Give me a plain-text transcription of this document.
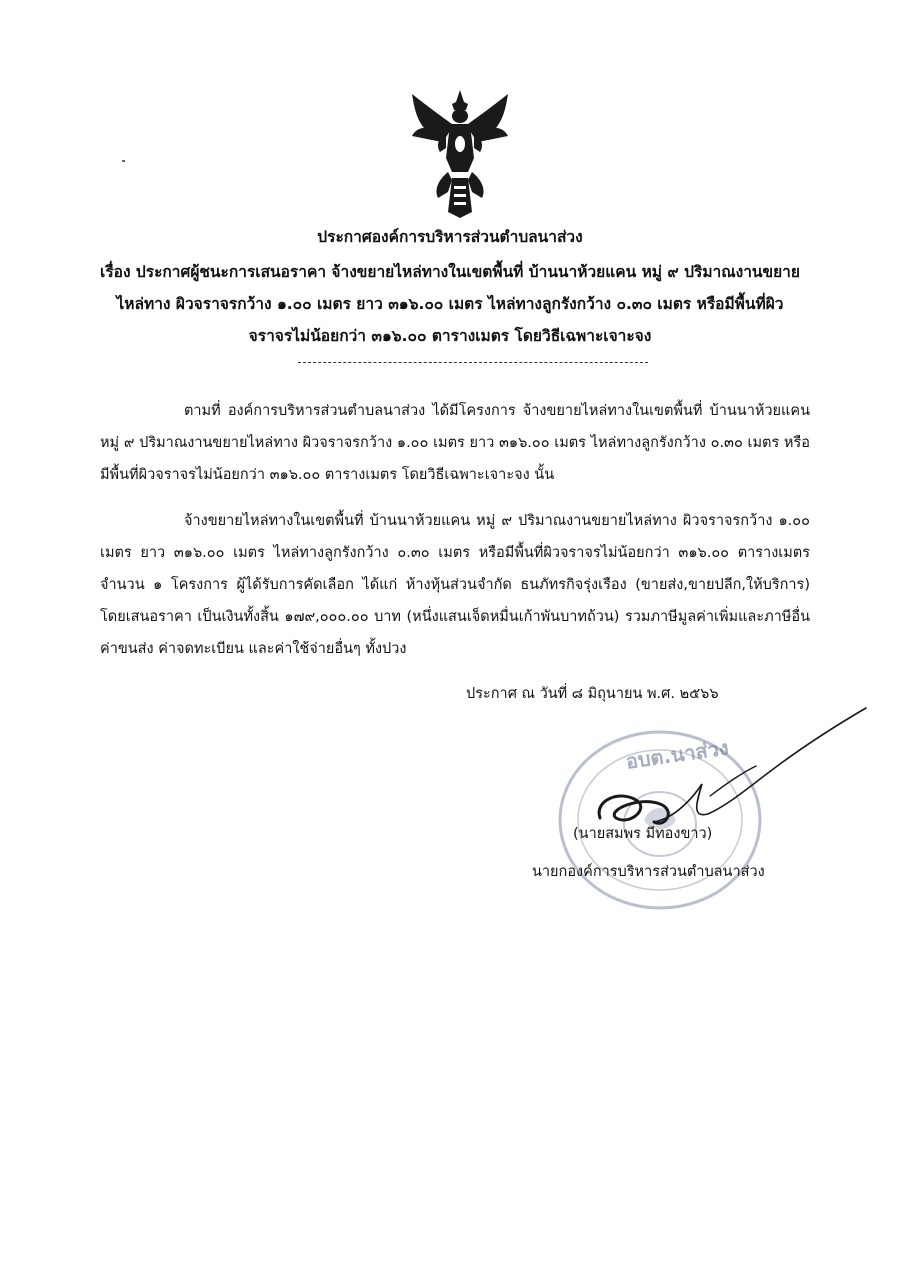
ประกาศองค์การบริหารส่วนตำบลนาส่วง
เรื่อง ประกาศผู้ชนะการเสนอราคา จ้างขยายไหล่ทางในเขตพื้นที่ บ้านนาห้วยแคน หมู่ ๙ ปริมาณงานขยายไหล่ทาง ผิวจราจรกว้าง ๑.๐๐ เมตร ยาว ๓๑๖.๐๐ เมตร ไหล่ทางลูกรังกว้าง ๐.๓๐ เมตร หรือมีพื้นที่ผิวจราจรไม่น้อยกว่า ๓๑๖.๐๐ ตารางเมตร โดยวิธีเฉพาะเจาะจง

ตามที่ องค์การบริหารส่วนตำบลนาส่วง ได้มีโครงการ จ้างขยายไหล่ทางในเขตพื้นที่ บ้านนาห้วยแคน หมู่ ๙ ปริมาณงานขยายไหล่ทาง ผิวจราจรกว้าง ๑.๐๐ เมตร ยาว ๓๑๖.๐๐ เมตร ไหล่ทางลูกรังกว้าง ๐.๓๐ เมตร หรือมีพื้นที่ผิวจราจรไม่น้อยกว่า ๓๑๖.๐๐ ตารางเมตร โดยวิธีเฉพาะเจาะจง นั้น

จ้างขยายไหล่ทางในเขตพื้นที่ บ้านนาห้วยแคน หมู่ ๙ ปริมาณงานขยายไหล่ทาง ผิวจราจรกว้าง ๑.๐๐ เมตร ยาว ๓๑๖.๐๐ เมตร ไหล่ทางลูกรังกว้าง ๐.๓๐ เมตร หรือมีพื้นที่ผิวจราจรไม่น้อยกว่า ๓๑๖.๐๐ ตารางเมตร จำนวน ๑ โครงการ ผู้ได้รับการคัดเลือก ได้แก่ ห้างหุ้นส่วนจำกัด ธนภัทรกิจรุ่งเรือง (ขายส่ง,ขายปลีก,ให้บริการ) โดยเสนอราคา เป็นเงินทั้งสิ้น ๑๗๙,๐๐๐.๐๐ บาท (หนึ่งแสนเจ็ดหมื่นเก้าพันบาทถ้วน) รวมภาษีมูลค่าเพิ่มและภาษีอื่น ค่าขนส่ง ค่าจดทะเบียน และค่าใช้จ่ายอื่นๆ ทั้งปวง

ประกาศ ณ วันที่ ๘ มิถุนายน พ.ศ. ๒๕๖๖
อบต.นาส่วง
(นายสมพร มีทองขาว)
นายกองค์การบริหารส่วนตำบลนาส่วง
